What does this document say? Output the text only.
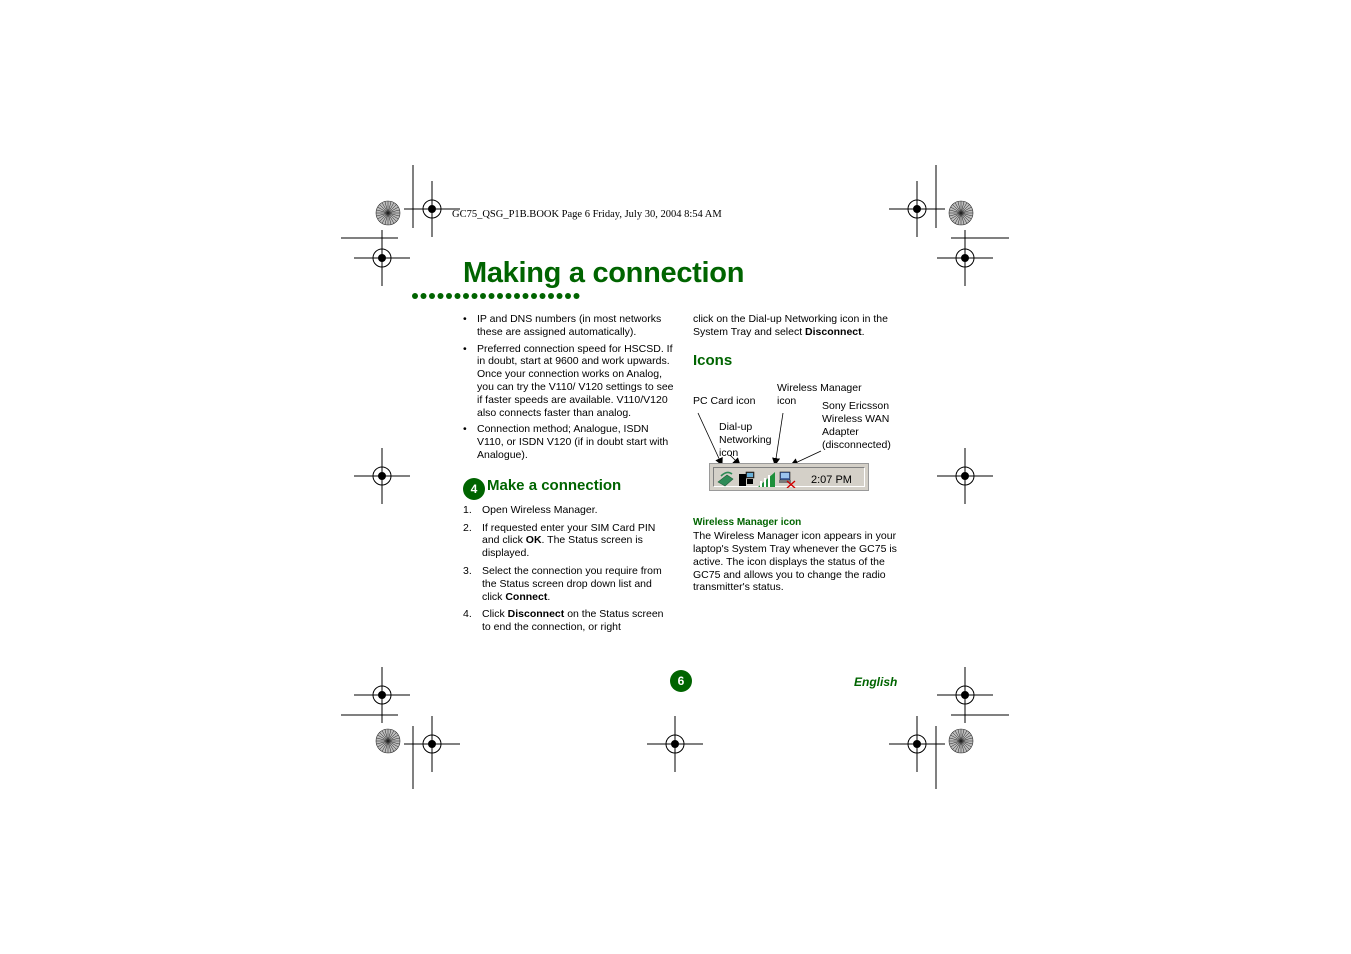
GC75_QSG_P1B.BOOK Page 6 Friday, July 30, 2004 8:54 AM
Making a connection
• IP and DNS numbers (in most networks these are assigned automatically).
• Preferred connection speed for HSCSD. If in doubt, start at 9600 and work upwards. Once your connection works on Analog, you can try the V110/ V120 settings to see if faster speeds are available. V110/V120 also connects faster than analog.
• Connection method; Analogue, ISDN V110, or ISDN V120 (if in doubt start with Analogue).
4 Make a connection
1. Open Wireless Manager.
2. If requested enter your SIM Card PIN and click OK. The Status screen is displayed.
3. Select the connection you require from the Status screen drop down list and click Connect.
4. Click Disconnect on the Status screen to end the connection, or right
click on the Dial-up Networking icon in the System Tray and select Disconnect.
Icons
PC Card icon
Wireless Manager icon
Dial-up Networking icon
Sony Ericsson Wireless WAN Adapter (disconnected)
2:07 PM
Wireless Manager icon
The Wireless Manager icon appears in your laptop's System Tray whenever the GC75 is active. The icon displays the status of the GC75 and allows you to change the radio transmitter's status.
6	English
